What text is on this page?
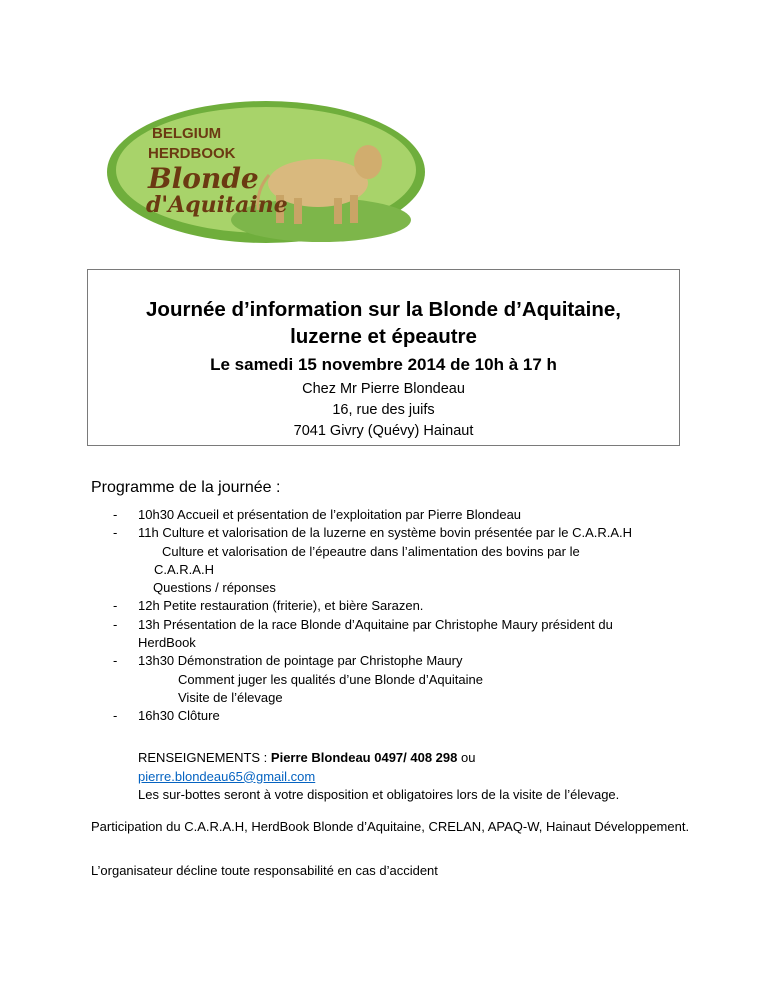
BELGIUM
HERDBOOK
Blonde
d'Aquitaine

Journée d’information sur la Blonde d’Aquitaine,
luzerne et épeautre

Le samedi 15 novembre 2014 de 10h à 17 h

Chez Mr Pierre Blondeau

16, rue des juifs

7041 Givry (Quévy) Hainaut

Programme de la journée :

- 10h30 Accueil et présentation de l’exploitation par Pierre Blondeau
- 11h Culture et valorisation de la luzerne en système bovin présentée par le C.A.R.A.H
Culture et valorisation de l’épeautre dans l’alimentation des bovins par le
C.A.R.A.H
Questions / réponses
- 12h Petite restauration (friterie), et bière Sarazen.
- 13h Présentation de la race Blonde d’Aquitaine par Christophe Maury président du
HerdBook
- 13h30 Démonstration de pointage par Christophe Maury
Comment juger les qualités d’une Blonde d’Aquitaine
Visite de l’élevage
- 16h30 Clôture
RENSEIGNEMENTS : Pierre Blondeau 0497/ 408 298 ou
pierre.blondeau65@gmail.com
Les sur-bottes seront à votre disposition et obligatoires lors de la visite de l’élevage.

Participation du C.A.R.A.H, HerdBook Blonde d’Aquitaine, CRELAN, APAQ-W, Hainaut Développement.

L’organisateur décline toute responsabilité en cas d’accident
